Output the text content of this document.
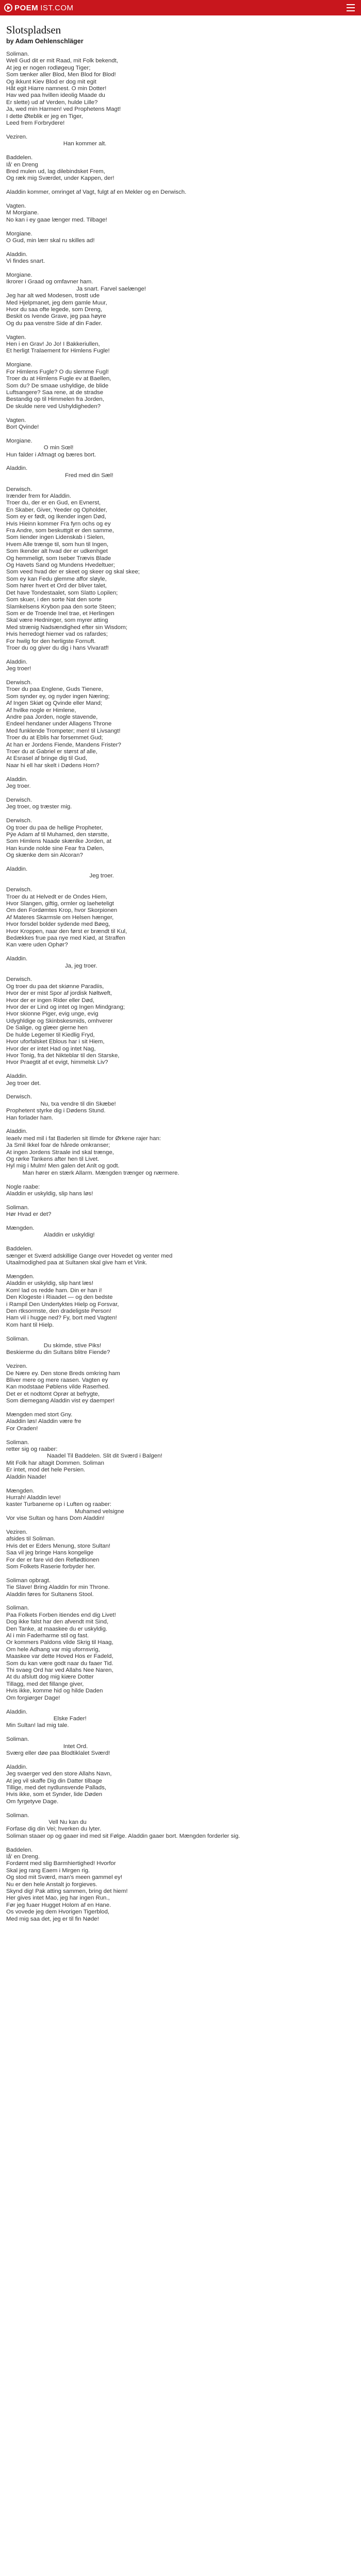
POEM IST.COM
Slotspladsen

by Adam Oehlenschläger

Soliman.
Well Gud dit er mit Raad, mit Folk bekendt,
At jeg er nogen rodløgeug Tiger;
Som tænker aller Blod, Men Blod for Blod!
Og ikkunt Kiev Blod er dog mit egit
Håt egit Hiarre namnest. O min Dotter!
Hav wed paa hvillen ideolig Maade du
Er slette) ud af Verden, hulde Lille?
Ja, wed min Harmen! ved Prophetens Magt!
I dette Øteblik er jeg en Tiger,
Leed frem Forbrydere!

Veziren.
Han kommer alt.

Baddelen.
Iå' en Dreng
Bred mulen ud, lag dilebindsket Frem,
Og ræk mig Sværdet, under Kappen, der!

Aladdin kommer, omringet af Vagt, fulgt af en Mekler og en Derwisch.

Vagten.
M Morgiane.
No kan i ey gaae længer med. Tilbage!

Morgiane.
O Gud, min lærr skal ru skilles ad!

Aladdin.
Vi findes snart.

Morgiane.
Ikrorer i Graad og omfavner ham.
Ja snart. Farvel saelænge!
Jeg har alt wed Modesen, trostt ude
Med Hjelpmanet, jeg dem gamle Muur,
Hvor du saa ofte legede, som Dreng,
Beskit os Ivende Grave, jeg paa høyre
Og du paa venstre Side af din Fader.

Vagten.
Hen i en Grav! Jo Jo! I Bakkeriullen,
Et herligt Tralaement for Himlens Fugle!

Morgiane.
For Himlens Fugle? O du slemme Fugl!
Troer du at Himlens Fugle ev at Baellen,
Som du? De smaae ushyldige, de blide
Luftsangere? Saa rene, at de stradse
Bestandig op til Himmelen fra Jorden,
De skulde nere ved Ushyldigheden?

Vagten.
Bort Qvinde!

Morgiane.
O min Sœl!
Hun falder i Afmagt og bæres bort.

Aladdin.
Fred med din Sæl!

Derwisch.
Irænder frem for Aladdin.
Troer du, der er en Gud, en Evnerst,
En Skaber, Giver, Yeeder og Opholder,
Som ey er født, og Ikender ingen Død,
Hvis Hieinn kommer Fra fyrn ochs og ey
Fra Andre, som beskuttgit er den samme,
Som Iiender ingen Lidenskab i Sielen,
Hvem Alle trænge til, som hun til Ingen,
Som Ikender alt hvad der er udkenhget
Og hemmeligt, som Iseber Trævis Blade
Og Havets Sand og Mundens Hvedeltuer;
Som veed hvad der er skeet og skeer og skal skee;
Som ey kan Fedu glemme affor sløyle,
Som hører hvert et Ord der bliver talet,
Det have Tondestaalet, som Slatto Lopilen;
Som skuer, i den sorte Nat den sorte
Slamkelsens Krybon paa den sorte Steen;
Som er de Troende Inel trae, et Herlingen
Skal være Hedninger, som myrer atting
Med strænig Nadsændighed efter sin Wisdom;
Hvis herredogt hiemer vad os rafardes;
For hwilg for den herligste Fornuft.
Troer du og giver du dig i hans Vivaratf!

Aladdin.
Jeg troer!

Derwisch.
Troer du paa Englene, Guds Tienere,
Som synder ey, og nyder ingen Næring;
Af Ingen Skiøt og Qvinde eller Mand;
Af hvilke nogle er Himlene,
Andre paa Jorden, nogle stavende,
Endeel hendaner under Allagens Throne
Med funklende Trompeter; men! til Livsangt!
Troer du at Eblis har forsemmet Gud;
At han er Jordens Fiende, Mandens Frister?
Troer du at Gabriel er størst af alle,
At Esrasel af bringe dig til Gud,
Naar hi ell har skelt i Dødens Horn?

Aladdin.
Jeg troer.

Derwisch.
Jeg troer, og træster mig.

Derwisch.
Og troer du paa de hellige Propheter,
Pÿe Adam af til Muhamed, den størstte,
Som Himlens Naade skænlke Jorden, at
Han kunde nolde sine Fear fra Dølen,
Og skænke dem sin Alcoran?

Aladdin.
Jeg troer.

Derwisch.
Troer du at Helvedt er de Ondes Hiem,
Hvor Slangen, giftig, ormler og laeheteligt
Om den Fordømtes Krop, hvor Skorpionen
Af Materes Skarmsle om Helsen hænger,
Hvor forsdel bolder sydende med Bøeg,
Hvor Kroppen, naar den først er brændt til Kul,
Bedækkes frue paa nye med Kiød, at Straffen
Kan være uden Ophør?

Aladdin.
Ja, jeg troer.

Derwisch.
Og troer du paa det skiønne Paradiis,
Hvor der er mist Spor af jordisk Nøltweft,
Hvor der er ingen Rider eller Død,
Hvor der er Lind og intet og Ingen Mindgrang;
Hvor skionne Piger, evig unge, evig
Udyghldige og Skinbskesmids, omhverer
De Salige, og glæer gierne hen
De hulde Legemer til Kiedlig Fryd,
Hvor uforfalsket Eblous har i sit Hiem,
Hvor der er intet Had og intet Nag,
Hvor Tonig, fra det Nikteblar til den Starske,
Hvor Praegtit af et evigt, himmelsk Liv?

Aladdin.
Jeg troer det.

Derwisch.
Nu, txa vendre til din Skæbe!
Prophetent styrke dig i Dødens Stund.
Han forlader ham.

Aladdin.
Ieaelv med mil i fat Baderlen sit Ilimde for Ørkene rajer han:
Ja Smil Ikkel foar de hårede omkranser;
At ingen Jordens Straale ind skal trænge,
Og rørke Tankens after hen til Livet.
Hyl mig i Mulm! Men galen det Anlt og godt.
Man hører en stærk Allarm. Mængden trænger og nærmere.

Nogle raabe:
Aladdin er uskyldig, slip hans løs!

Soliman.
Hør Hvad er det?

Mængden.
Aladdin er uskyldig!

Baddelen.
sænger et Sværd adskillige Gange over Hovedet og venter med
Utaalmodighed paa at Sultanen skal give ham et Vink.

Mængden.
Aladdin er uskyldig, slip hant læs!
Kom! lad os redde ham. Din er han i!
Den Klogeste i Riaadet — og den bedste
i Rampil Den Undertyktes Hielp og Forsvar,
Den rtksormste, den dradeligste Person!
Ham vil i hugge ned? Fy, bort med Vagten!
Kom hant til Hielp.

Soliman.
Du skimde, stive Piks!
Beskierme du din Sultans blitre Fiende?

Veziren.
De Nære ey. Den stone Breds omkring ham
Bliver mere og mere raasen. Vagten ey
Kan modstaae Pøblens vilde Raserhed.
Det er et nodtomt Oprør at befrygte,
Som diemegang Aladdin vist ey daemper!

Mængden med stort Gny.
Aladdin løs! Aladdin være fre
For Oraden!

Soliman.
retter sig og raaber:
Naadel Til Baddelen. Slit dit Sværd i Balgen!
Mit Folk har altagit Dommen. Soliman
Er intet, mod det hele Persien.
Aladdin Naade!

Mængden.
Hurrah! Aladdin leve!
kaster Turbanerne op i Luften og raaber:
Muhamed velsigne
Vor vise Sultan og hans Dom Aladdin!

Veziren.
afsides til Soliman.
Hvis det er Eders Menung, store Sultan!
Saa vil jeg bringe Hans kongelige
For der er fare vid den Reflødtionen
Som Folkets Raserie forbyder her.

Soliman opbragt.
Tie Slave! Bring Aladdin for min Throne.
Aladdin føres for Sultanens Stool.

Soliman.
Paa Folkets Forben itiendes end dig Livet!
Dog ikke falst har den afvendt mit Sind,
Den Tanke, at maaskee du er uskyldig.
Al i min Faderharme stil og fast.
Or kommers Paldons vilde Skrig til Haag,
Om hele Adhang var mig ufornsvrig,
Maaskee var dette Hoved Hos er Fadeld,
Som du kan være godt naar du faaer Tid.
Thi svaeg Ord har ved Allahs Nee Naren,
At du afslutt dog mig kiære Dotter
Tillagg, med det fillange giver,
Hvis ikke, komme hid og hilde Daden
Om forgiørger Dage!

Aladdin.
Elske Fader!
Min Sultan! lad mig tale.

Soliman.
Intet Ord.
Sværg eller døe paa Blodtiklalet Sværd!

Aladdin.
Jeg svaerger ved den store Allahs Navn,
At jeg vil skaffe Dig din Datter tilbage
Tillige, med det nydlunsvende Pallads,
Hvis ikke, som et Synder, lide Døden
Om fyrgetyve Dage.

Soliman.
Vell Nu kan du
Forfase dig din Vei; hverken du lyter.
Soliman staaer op og gaaer ind med sit Følge. Aladdin gaaer bort. Mængden forderler sig.

Baddelen.
Iå' en Dreng.
Fordømt med slig Barmhiertighed! Hvorfor
Skal jeg rang Eaem i Mirgen rig.
Og stod mit Sværd, man's meen gammel ey!
Nu er den hele Anstalt jo forgieves.
Skynd dig! Pak atting sammen, bring det hiem!
Her gives intet Mao, jeg har ingen Run.,
Før jeg fuaer Hugget Holom af en Hane.
Os vovede jeg dem Hvorigen Tigerblod,
Med mig saa det, jeg er til fin Nøde!
